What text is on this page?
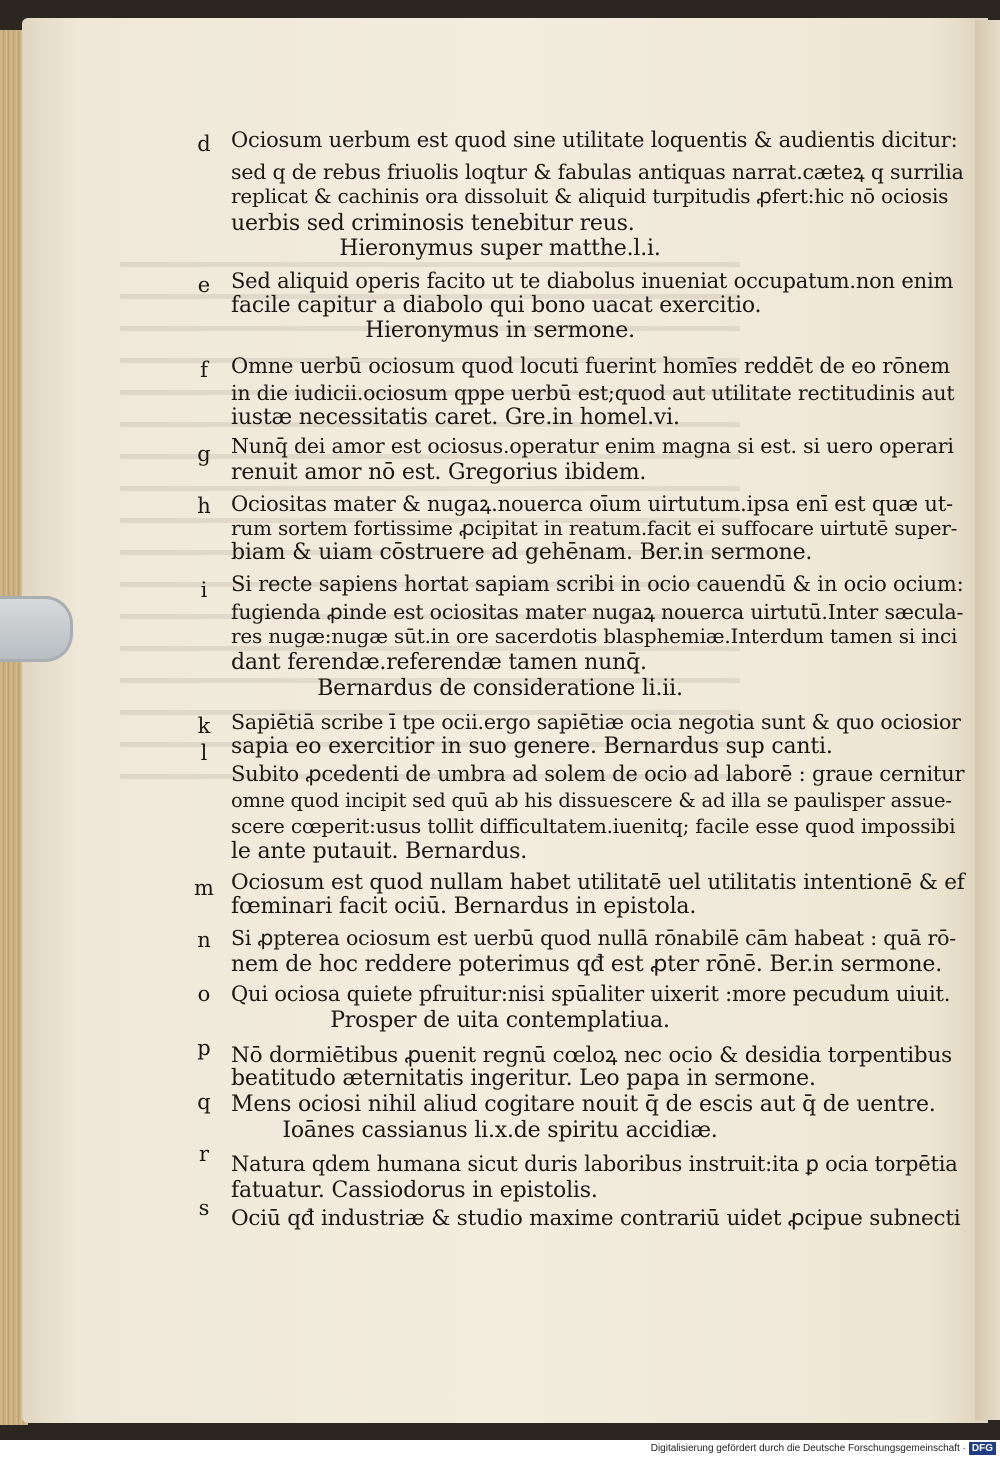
Ociosum uerbum est quod sine utilitate loquentis & audientis dicitur:
sed q de rebus friuolis loqtur & fabulas antiquas narrat.cæteꝝ q surrilia
replicat & cachinis ora dissoluit & aliquid turpitudis ꝓfert:hic nō ociosis
uerbis sed criminosis tenebitur reus.
Hieronymus super matthe.l.i.
Sed aliquid operis facito ut te diabolus inueniat occupatum.non enim
facile capitur a diabolo qui bono uacat exercitio.
Hieronymus in sermone.
Omne uerbū ociosum quod locuti fuerint homīes reddēt de eo rōnem
in die iudicii.ociosum qppe uerbū est;quod aut utilitate rectitudinis aut
iustæ necessitatis caret. Gre.in homel.vi.
Nunq̄ dei amor est ociosus.operatur enim magna si est. si uero operari
renuit amor nō est. Gregorius ibidem.
Ociositas mater & nugaꝝ.nouerca oīum uirtutum.ipsa enī est quæ ut-
rum sortem fortissime ꝓcipitat in reatum.facit ei suffocare uirtutē super-
biam & uiam cōstruere ad gehēnam. Ber.in sermone.
Si recte sapiens hortat sapiam scribi in ocio cauendū & in ocio ocium:
fugienda ꝓinde est ociositas mater nugaꝝ nouerca uirtutū.Inter sæcula-
res nugæ:nugæ sūt.in ore sacerdotis blasphemiæ.Interdum tamen si inci
dant ferendæ.referendæ tamen nunq̄.
Bernardus de consideratione li.ii.
Sapiētiā scribe ī tpe ocii.ergo sapiētiæ ocia negotia sunt & quo ociosior
sapia eo exercitior in suo genere. Bernardus sup canti.
Subito ꝓcedenti de umbra ad solem de ocio ad laborē : graue cernitur
omne quod incipit sed quū ab his dissuescere & ad illa se paulisper assue-
scere cœperit:usus tollit difficultatem.iuenitq; facile esse quod impossibi
le ante putauit. Bernardus.
Ociosum est quod nullam habet utilitatē uel utilitatis intentionē & ef
fœminari facit ociū. Bernardus in epistola.
Si ꝓpterea ociosum est uerbū quod nullā rōnabilē cām habeat : quā rō-
nem de hoc reddere poterimus qđ est ꝓter rōnē. Ber.in sermone.
Qui ociosa quiete pfruitur:nisi spūaliter uixerit :more pecudum uiuit.
Prosper de uita contemplatiua.
Nō dormiētibus ꝓuenit regnū cœloꝝ nec ocio & desidia torpentibus
beatitudo æternitatis ingeritur. Leo papa in sermone.
Mens ociosi nihil aliud cogitare nouit q̄ de escis aut q̄ de uentre.
Ioānes cassianus li.x.de spiritu accidiæ.
Natura qdem humana sicut duris laboribus instruit:ita ꝑ ocia torpētia
fatuatur. Cassiodorus in epistolis.
Ociū qđ industriæ & studio maxime contrariū uidet ꝓcipue subnecti
d
e
f
g
h
i
k
l
m
n
o
p
q
r
s
Digitalisierung gefördert durch die Deutsche Forschungsgemeinschaft · DFG
